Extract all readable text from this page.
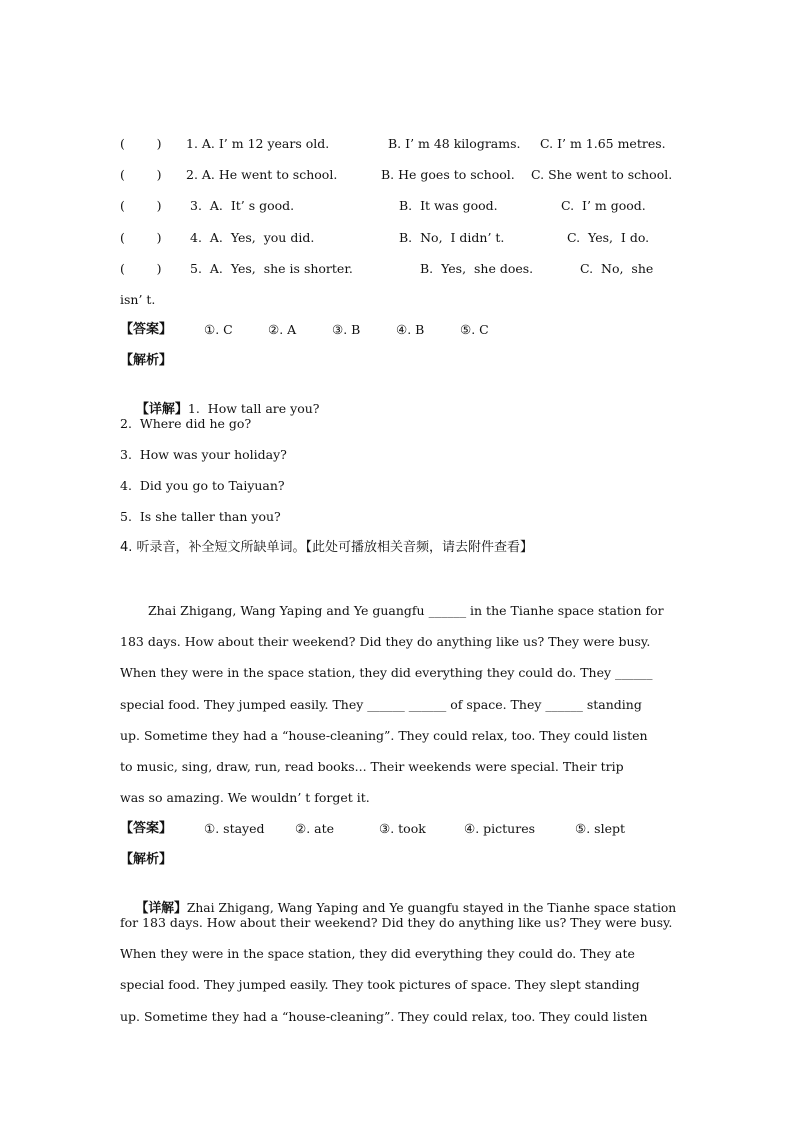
(        )

1. A. I’ m 12 years old.

	B. I’ m 48 kilograms.

C. I’ m 1.65 metres.

(        )

2. A. He went to school.

	B. He goes to school.

C. She went to school.

(        )

3.  A.  It’ s good.

	B.  It was good.

	C.  I’ m good.

(        )

4.  A.  Yes,  you did.

	B.  No,  I didn’ t.

	C.  Yes,  I do.

(        )

5.  A.  Yes,  she is shorter.

	B.  Yes,  she does.

	C.  No,  she

isn’ t.

【答案】

	①. C

	②. A

	③. B

	④. B

	⑤. C

【解析】

【详解】1.  How tall are you?

2.  Where did he go?
3.  How was your holiday?
4.  Did you go to Taiyuan?
5.  Is she taller than you?
4. 听录音，补全短文所缺单词。【此处可播放相关音频，请去附件查看】
Zhai Zhigang, Wang Yaping and Ye guangfu ______ in the Tianhe space station for
183 days. How about their weekend? Did they do anything like us? They were busy.
When they were in the space station, they did everything they could do. They ______
special food. They jumped easily. They ______ ______ of space. They ______ standing
up. Sometime they had a “house-cleaning”. They could relax, too. They could listen
to music, sing, draw, run, read books... Their weekends were special. Their trip
was so amazing. We wouldn’ t forget it.

【答案】

	①. stayed

②. ate

	③. took

	④. pictures

	⑤. slept

【解析】

【详解】Zhai Zhigang, Wang Yaping and Ye guangfu stayed in the Tianhe space station

for 183 days. How about their weekend? Did they do anything like us? They were busy.
When they were in the space station, they did everything they could do. They ate
special food. They jumped easily. They took pictures of space. They slept standing
up. Sometime they had a “house-cleaning”. They could relax, too. They could listen
